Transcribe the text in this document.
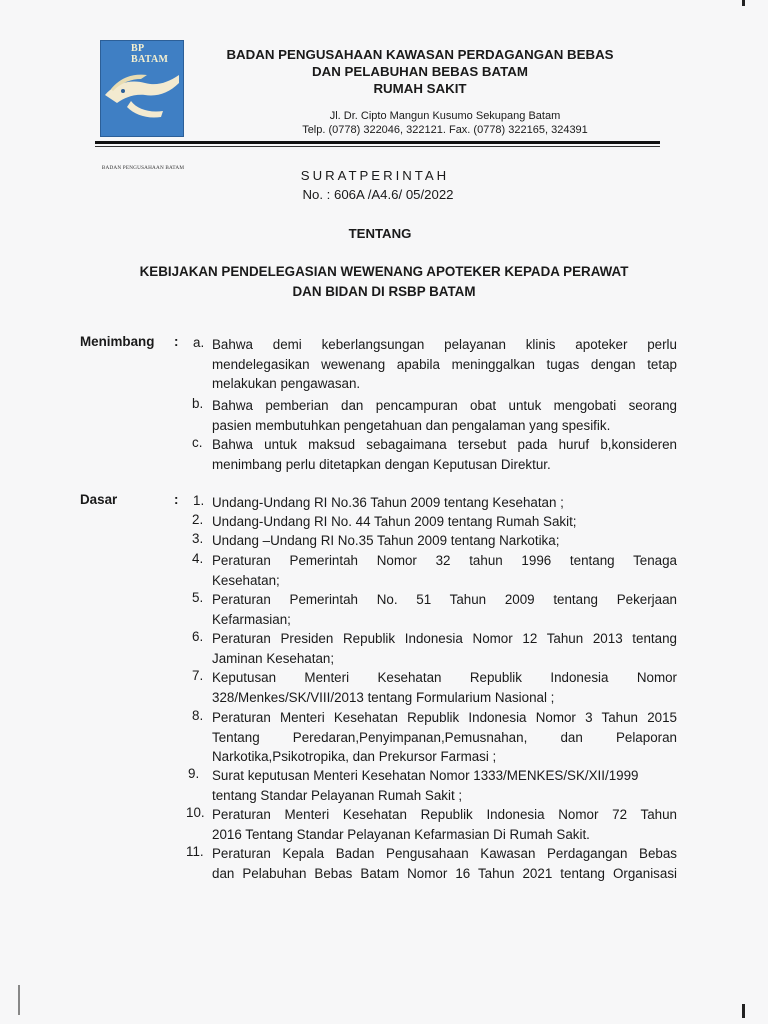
BP BATAM
BADAN PENGUSAHAAN BATAM
BADAN PENGUSAHAAN KAWASAN PERDAGANGAN BEBAS
DAN PELABUHAN BEBAS BATAM
RUMAH SAKIT
Jl. Dr. Cipto Mangun Kusumo Sekupang Batam
Telp. (0778) 322046, 322121. Fax. (0778) 322165, 324391
SURATPERINTAH
No. : 606A /A4.6/ 05/2022
TENTANG
KEBIJAKAN PENDELEGASIAN WEWENANG APOTEKER KEPADA PERAWAT
DAN BIDAN DI RSBP BATAM
Menimbang : a. Bahwa demi keberlangsungan pelayanan klinis apoteker perlu
mendelegasikan wewenang apabila meninggalkan tugas dengan tetap
melakukan pengawasan.
b. Bahwa pemberian dan pencampuran obat untuk mengobati seorang
pasien membutuhkan pengetahuan dan pengalaman yang spesifik.
c. Bahwa untuk maksud sebagaimana tersebut pada huruf b,konsideren
menimbang perlu ditetapkan dengan Keputusan Direktur.
Dasar	: 1. Undang-Undang RI No.36 Tahun 2009 tentang Kesehatan ;
2. Undang-Undang RI No. 44 Tahun 2009 tentang Rumah Sakit;
3. Undang –Undang RI No.35 Tahun 2009 tentang Narkotika;
4. Peraturan Pemerintah Nomor 32 tahun 1996 tentang Tenaga
Kesehatan;
5. Peraturan Pemerintah No. 51 Tahun 2009 tentang Pekerjaan
Kefarmasian;
6. Peraturan Presiden Republik Indonesia Nomor 12 Tahun 2013 tentang
Jaminan Kesehatan;
7. Keputusan Menteri Kesehatan Republik Indonesia Nomor
328/Menkes/SK/VIII/2013 tentang Formularium Nasional ;
8. Peraturan Menteri Kesehatan Republik Indonesia Nomor 3 Tahun 2015
Tentang Peredaran,Penyimpanan,Pemusnahan, dan Pelaporan
Narkotika,Psikotropika, dan Prekursor Farmasi ;
9. Surat keputusan Menteri Kesehatan Nomor 1333/MENKES/SK/XII/1999
tentang Standar Pelayanan Rumah Sakit ;
10. Peraturan Menteri Kesehatan Republik Indonesia Nomor 72 Tahun
2016 Tentang Standar Pelayanan Kefarmasian Di Rumah Sakit.
11. Peraturan Kepala Badan Pengusahaan Kawasan Perdagangan Bebas
dan Pelabuhan Bebas Batam Nomor 16 Tahun 2021 tentang Organisasi
